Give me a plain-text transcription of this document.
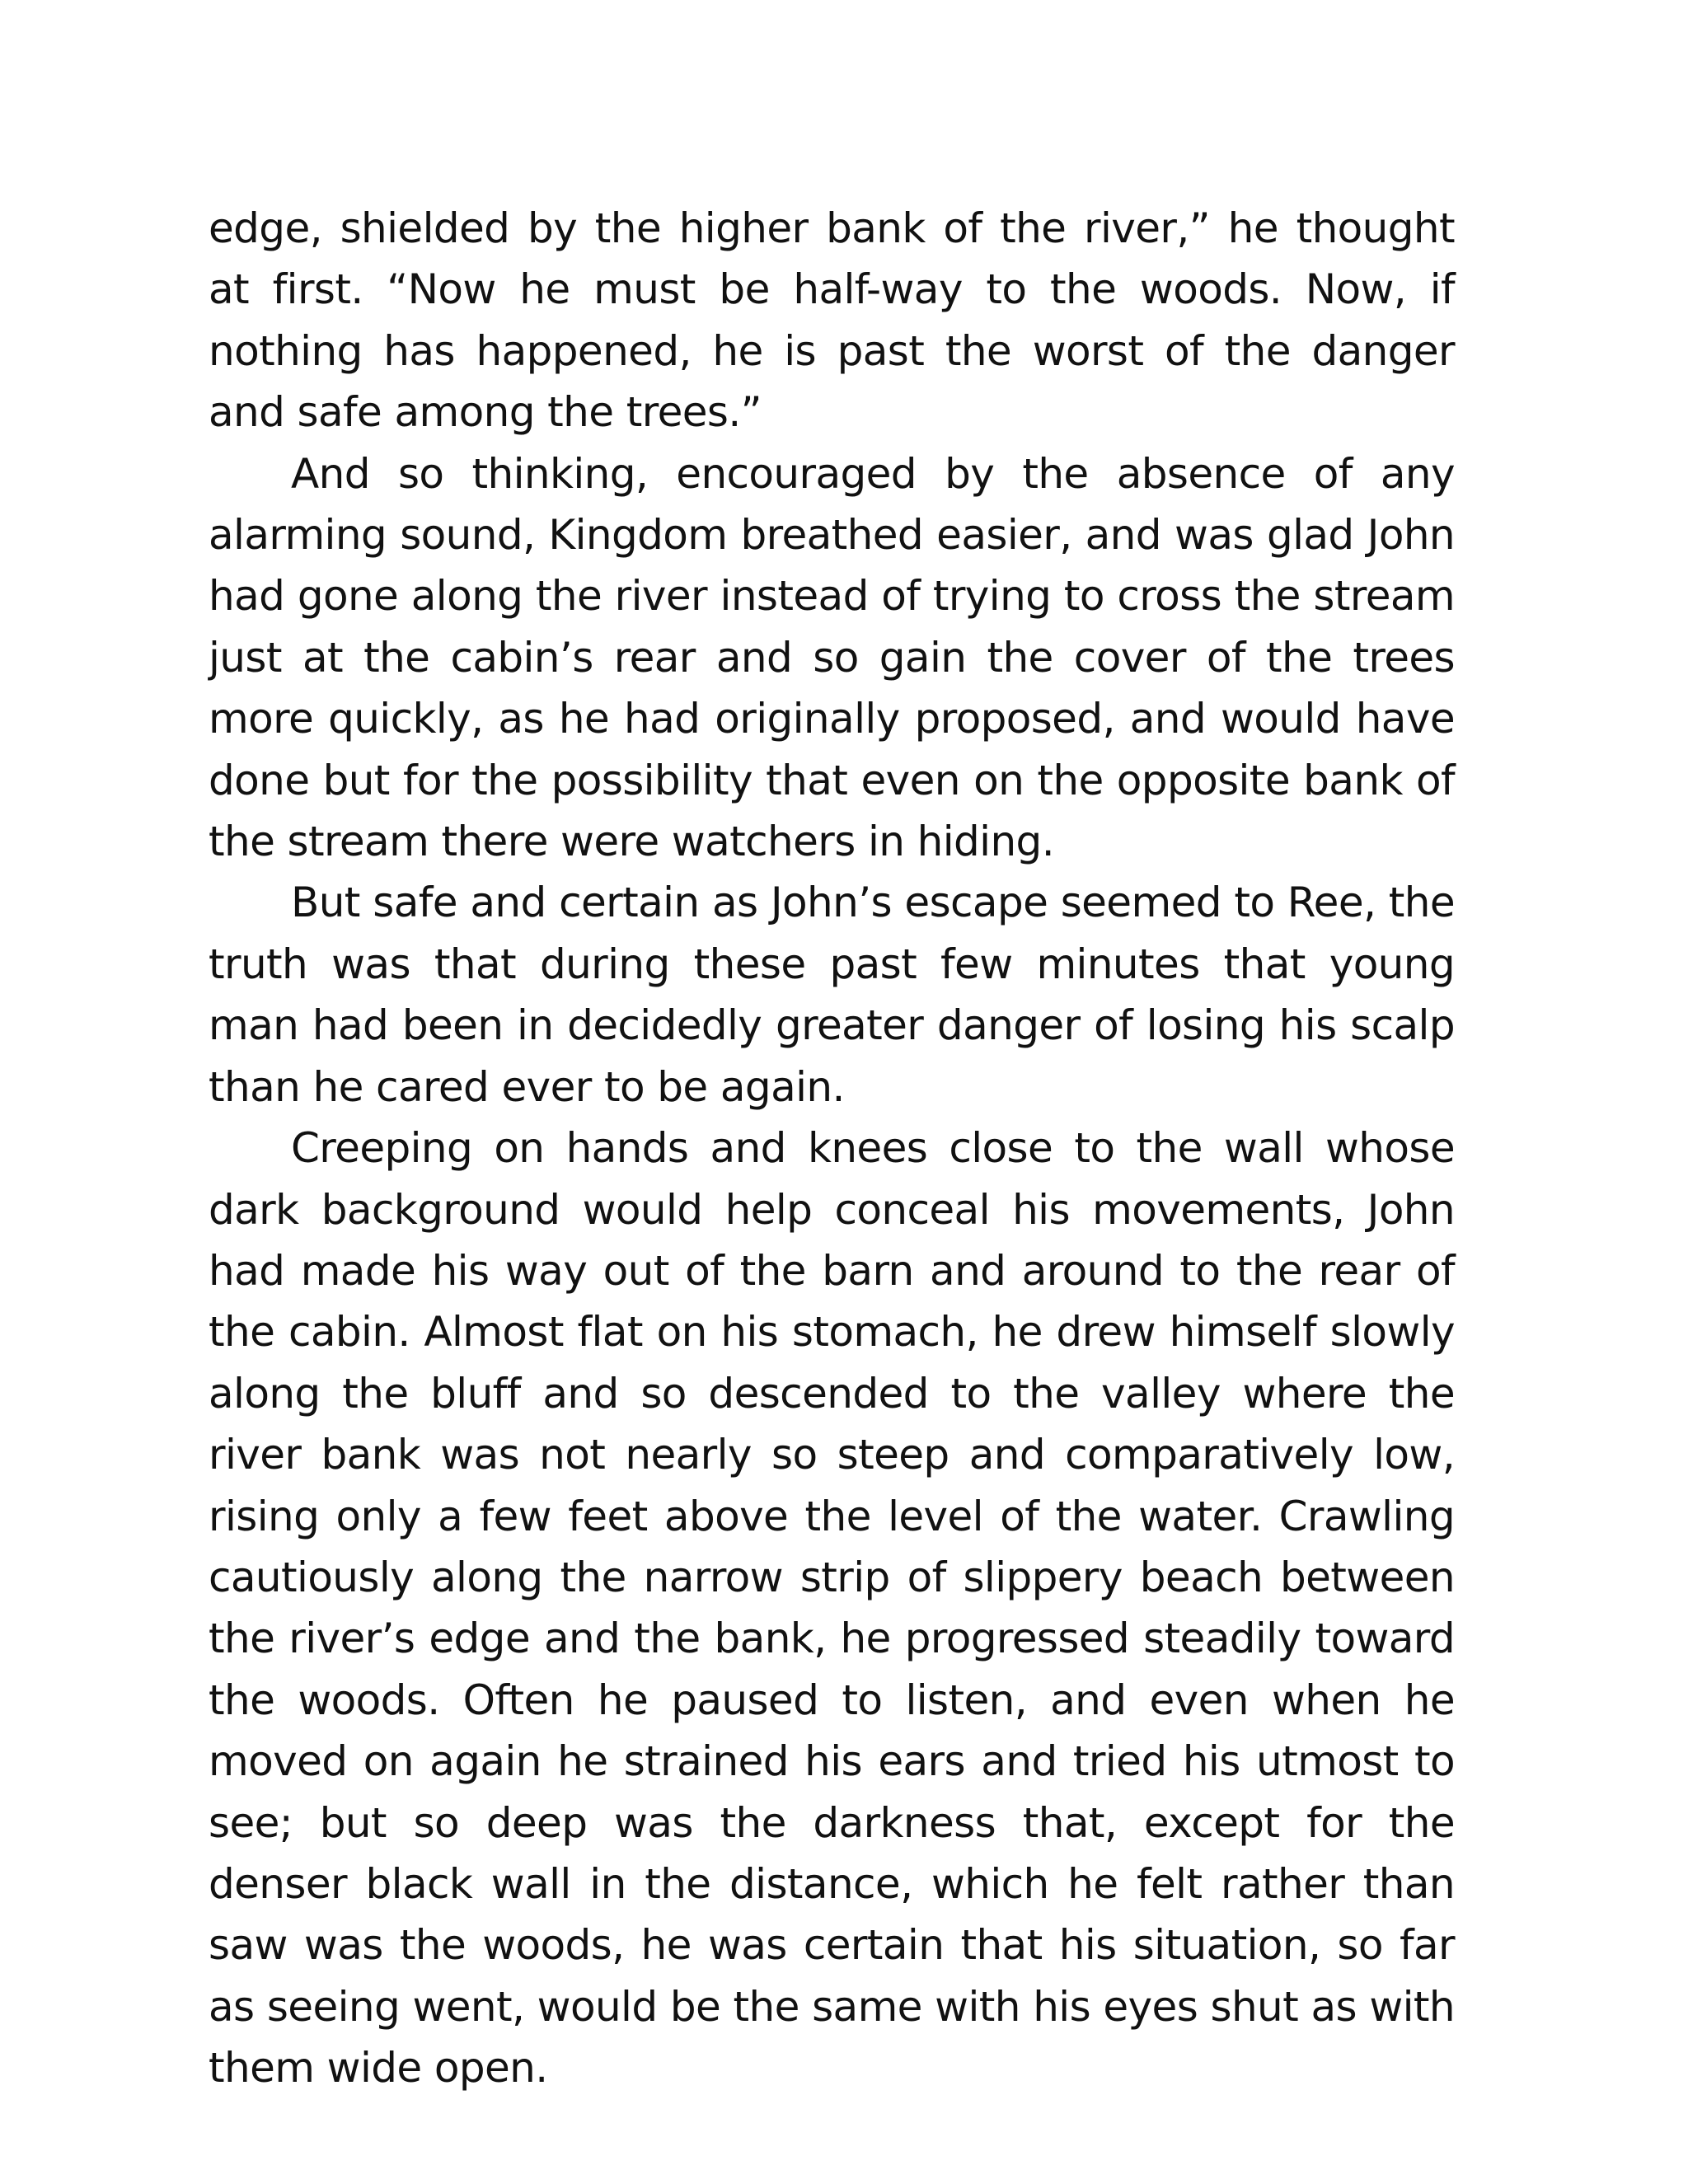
edge, shielded by the higher bank of the river,” he thought at first. “Now he must be half-way to the woods. Now, if nothing has happened, he is past the worst of the danger and safe among the trees.”

And so thinking, encouraged by the absence of any alarming sound, Kingdom breathed easier, and was glad John had gone along the river instead of trying to cross the stream just at the cabin’s rear and so gain the cover of the trees more quickly, as he had originally proposed, and would have done but for the possibility that even on the opposite bank of the stream there were watchers in hiding.

But safe and certain as John’s escape seemed to Ree, the truth was that during these past few minutes that young man had been in decidedly greater danger of losing his scalp than he cared ever to be again.

Creeping on hands and knees close to the wall whose dark background would help conceal his movements, John had made his way out of the barn and around to the rear of the cabin. Almost flat on his stomach, he drew himself slowly along the bluff and so descended to the valley where the river bank was not nearly so steep and comparatively low, rising only a few feet above the level of the water. Crawling cautiously along the narrow strip of slippery beach between the river’s edge and the bank, he progressed steadily toward the woods. Often he paused to listen, and even when he moved on again he strained his ears and tried his utmost to see; but so deep was the darkness that, except for the denser black wall in the distance, which he felt rather than saw was the woods, he was certain that his situation, so far as seeing went, would be the same with his eyes shut as with them wide open.
